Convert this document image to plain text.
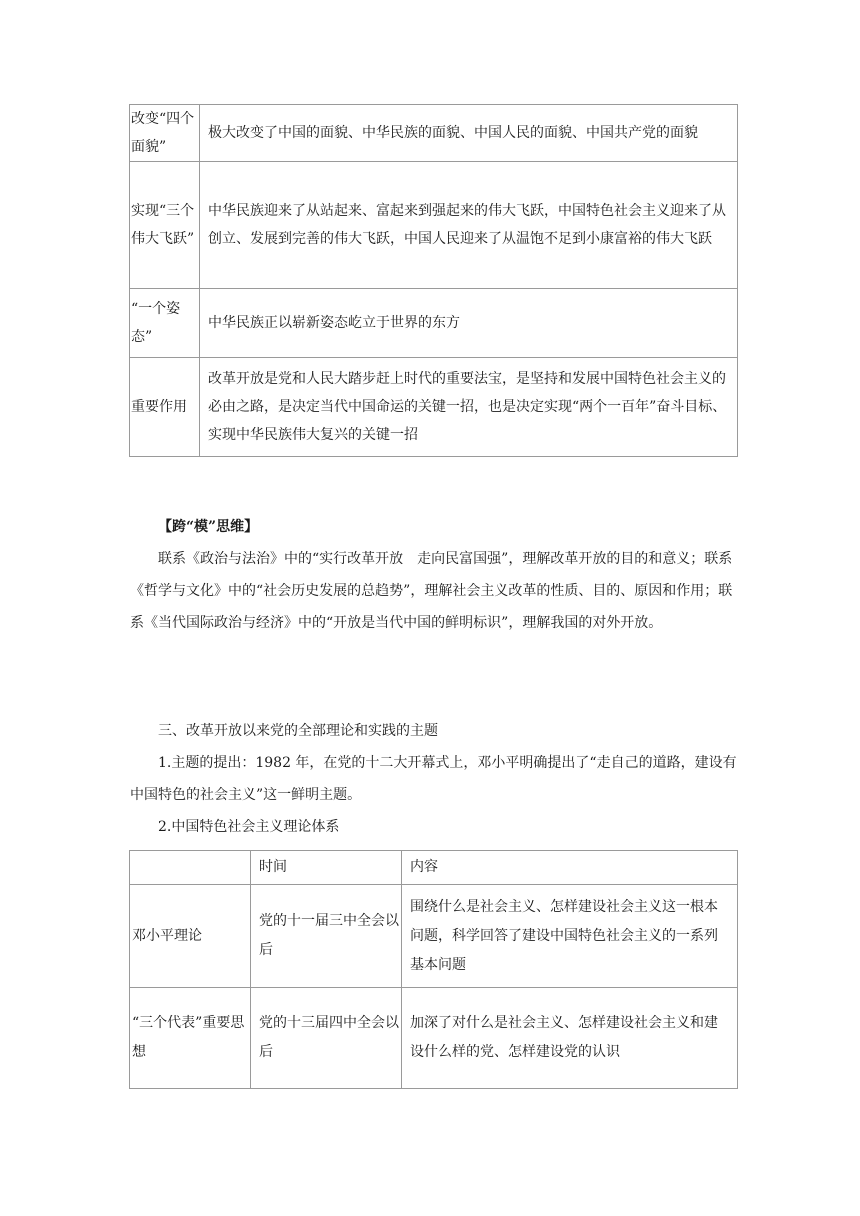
改变“四个面貌”	极大改变了中国的面貌、中华民族的面貌、中国人民的面貌、中国共产党的面貌
实现“三个伟大飞跃”	中华民族迎来了从站起来、富起来到强起来的伟大飞跃，中国特色社会主义迎来了从创立、发展到完善的伟大飞跃，中国人民迎来了从温饱不足到小康富裕的伟大飞跃
“一个姿态”	中华民族正以崭新姿态屹立于世界的东方
重要作用	改革开放是党和人民大踏步赶上时代的重要法宝，是坚持和发展中国特色社会主义的必由之路，是决定当代中国命运的关键一招，也是决定实现“两个一百年”奋斗目标、实现中华民族伟大复兴的关键一招

【跨“模”思维】

联系《政治与法治》中的“实行改革开放　走向民富国强”，理解改革开放的目的和意义；联系《哲学与文化》中的“社会历史发展的总趋势”，理解社会主义改革的性质、目的、原因和作用；联系《当代国际政治与经济》中的“开放是当代中国的鲜明标识”，理解我国的对外开放。

三、改革开放以来党的全部理论和实践的主题

1.主题的提出：1982 年，在党的十二大开幕式上，邓小平明确提出了“走自己的道路，建设有中国特色的社会主义”这一鲜明主题。

2.中国特色社会主义理论体系

	时间	内容
邓小平理论	党的十一届三中全会以后	围绕什么是社会主义、怎样建设社会主义这一根本问题，科学回答了建设中国特色社会主义的一系列基本问题
“三个代表”重要思想	党的十三届四中全会以后	加深了对什么是社会主义、怎样建设社会主义和建设什么样的党、怎样建设党的认识
